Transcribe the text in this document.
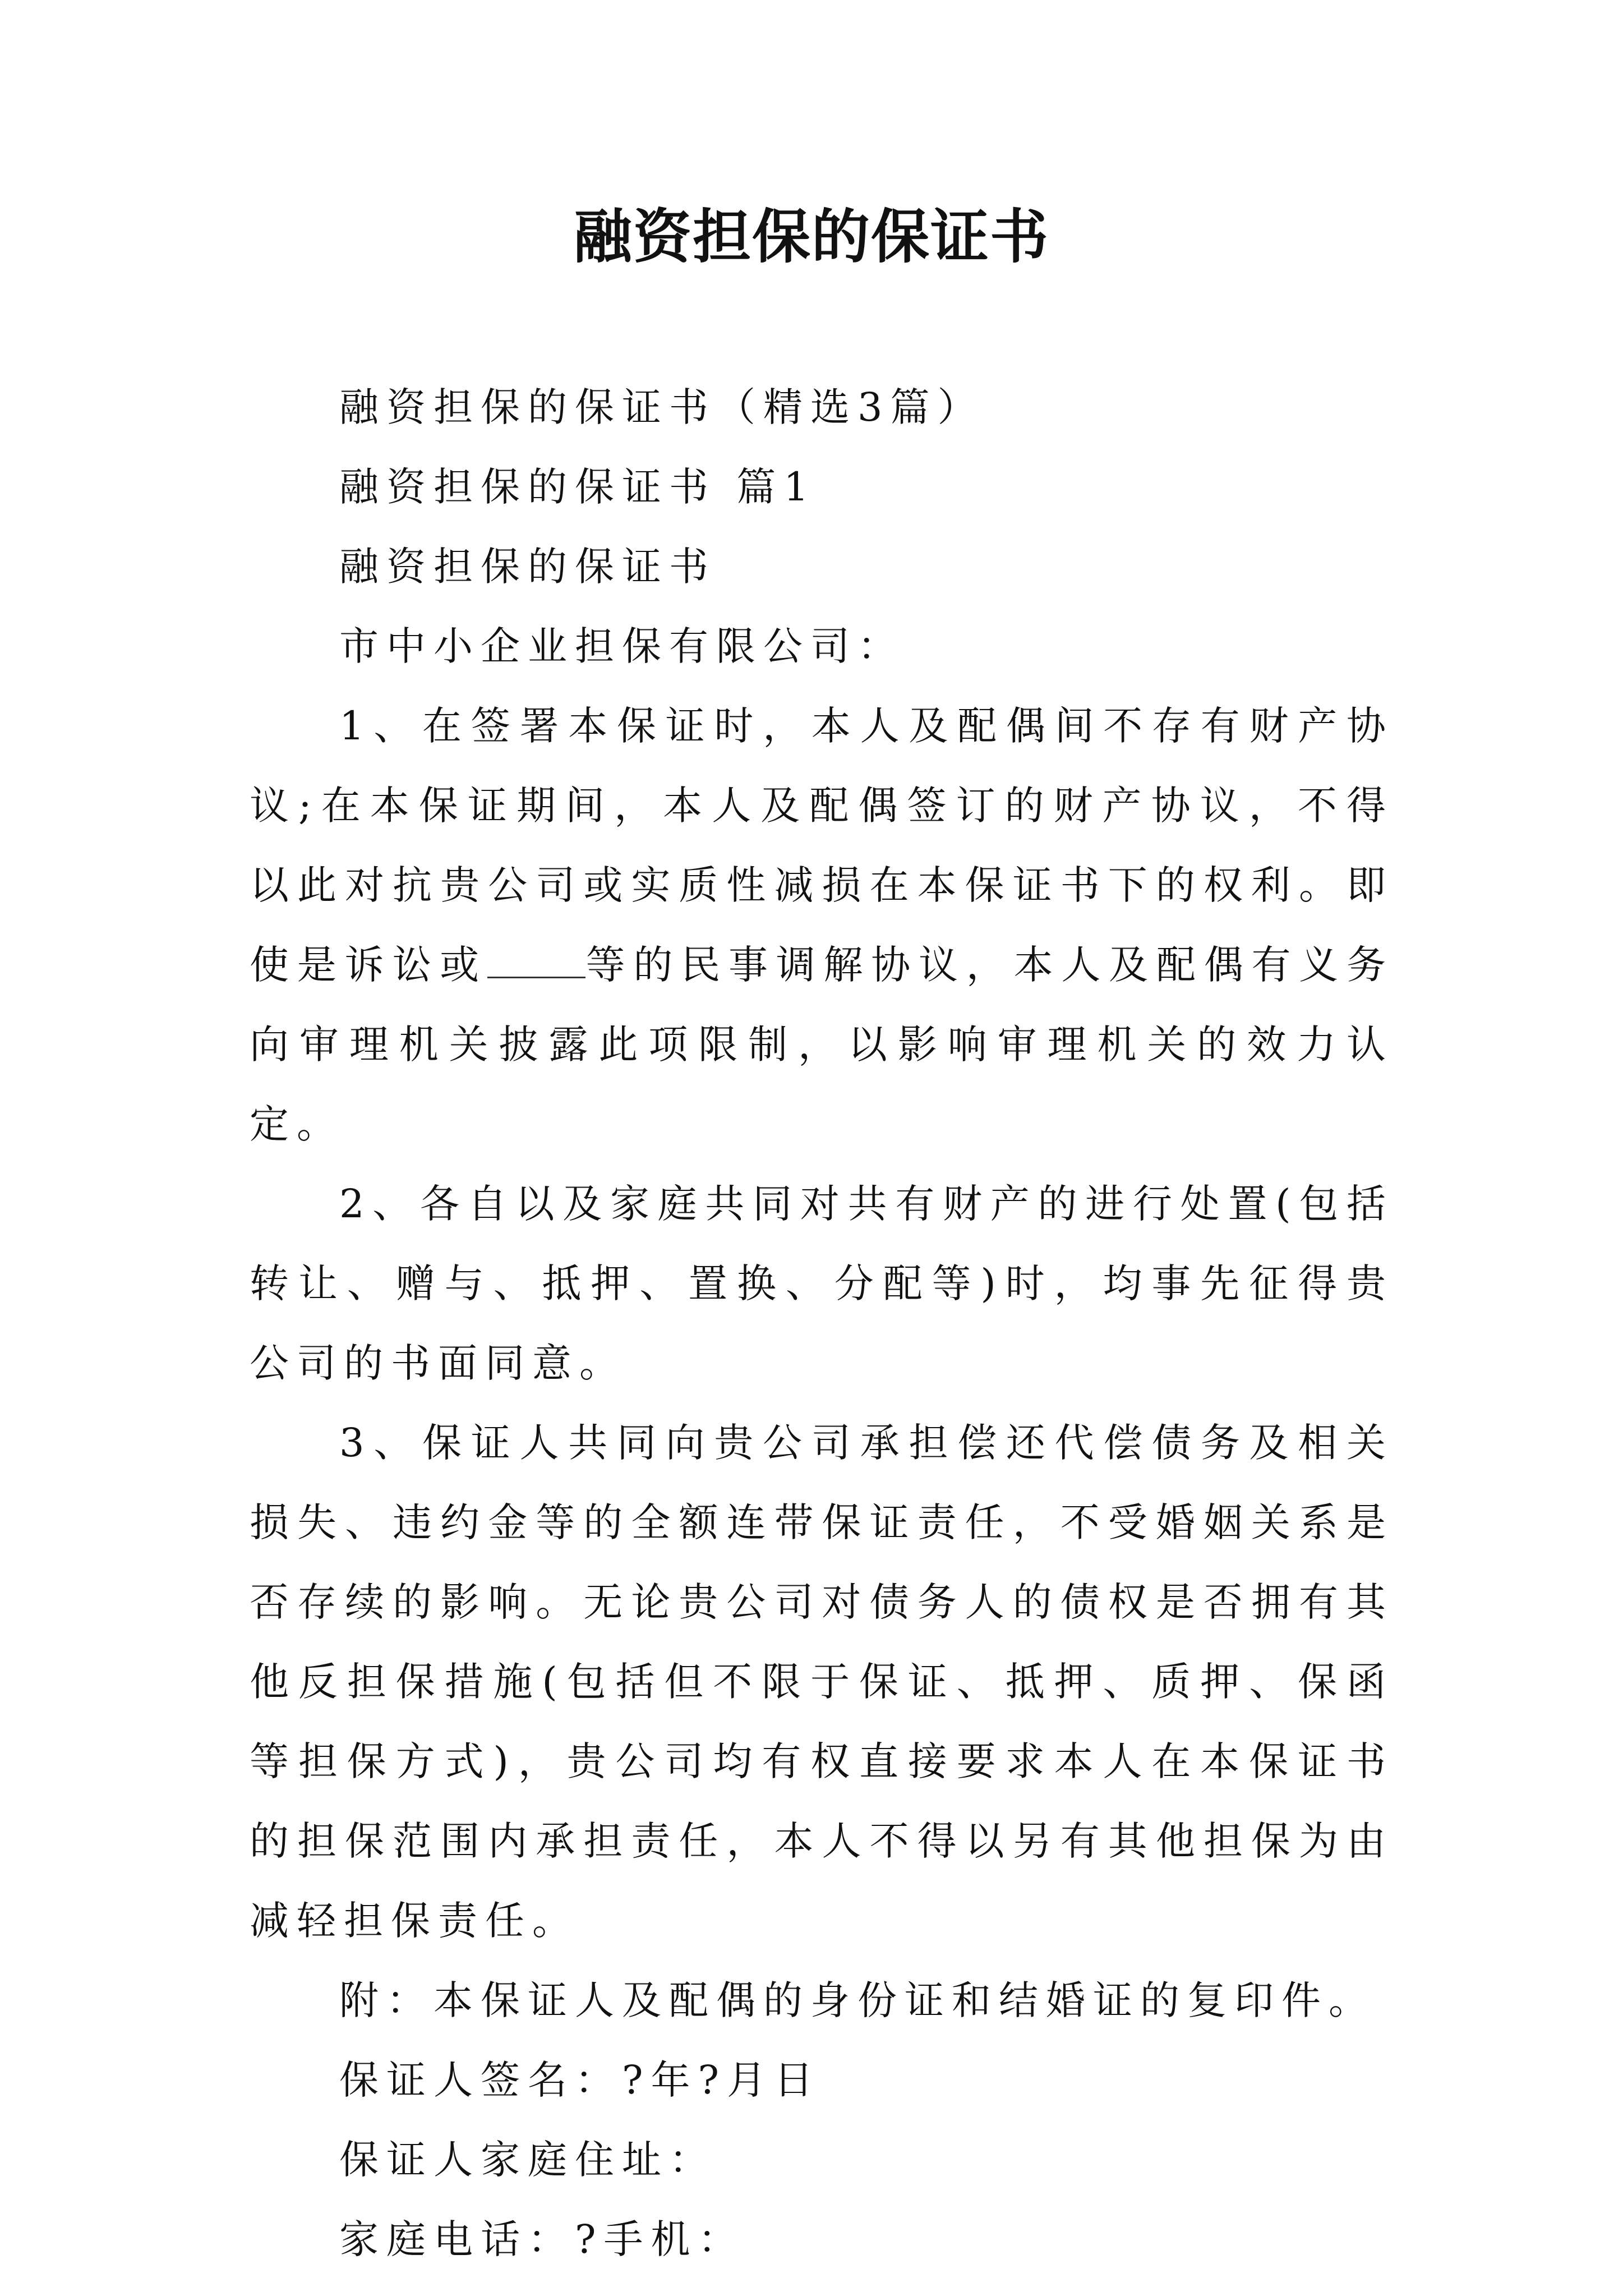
融资担保的保证书

融资担保的保证书（精选3篇）

融资担保的保证书 篇1

融资担保的保证书

市中小企业担保有限公司：

1、在签署本保证时，本人及配偶间不存有财产协议;在本保证期间，本人及配偶签订的财产协议，不得以此对抗贵公司或实质性减损在本保证书下的权利。即使是诉讼或	等的民事调解协议，本人及配偶有义务向审理机关披露此项限制，以影响审理机关的效力认定。

2、各自以及家庭共同对共有财产的进行处置(包括转让、赠与、抵押、置换、分配等)时，均事先征得贵公司的书面同意。

3、保证人共同向贵公司承担偿还代偿债务及相关损失、违约金等的全额连带保证责任，不受婚姻关系是否存续的影响。无论贵公司对债务人的债权是否拥有其他反担保措施(包括但不限于保证、抵押、质押、保函等担保方式)，贵公司均有权直接要求本人在本保证书的担保范围内承担责任，本人不得以另有其他担保为由减轻担保责任。

附：本保证人及配偶的身份证和结婚证的复印件。

保证人签名：?年?月日

保证人家庭住址：

家庭电话：?手机：
